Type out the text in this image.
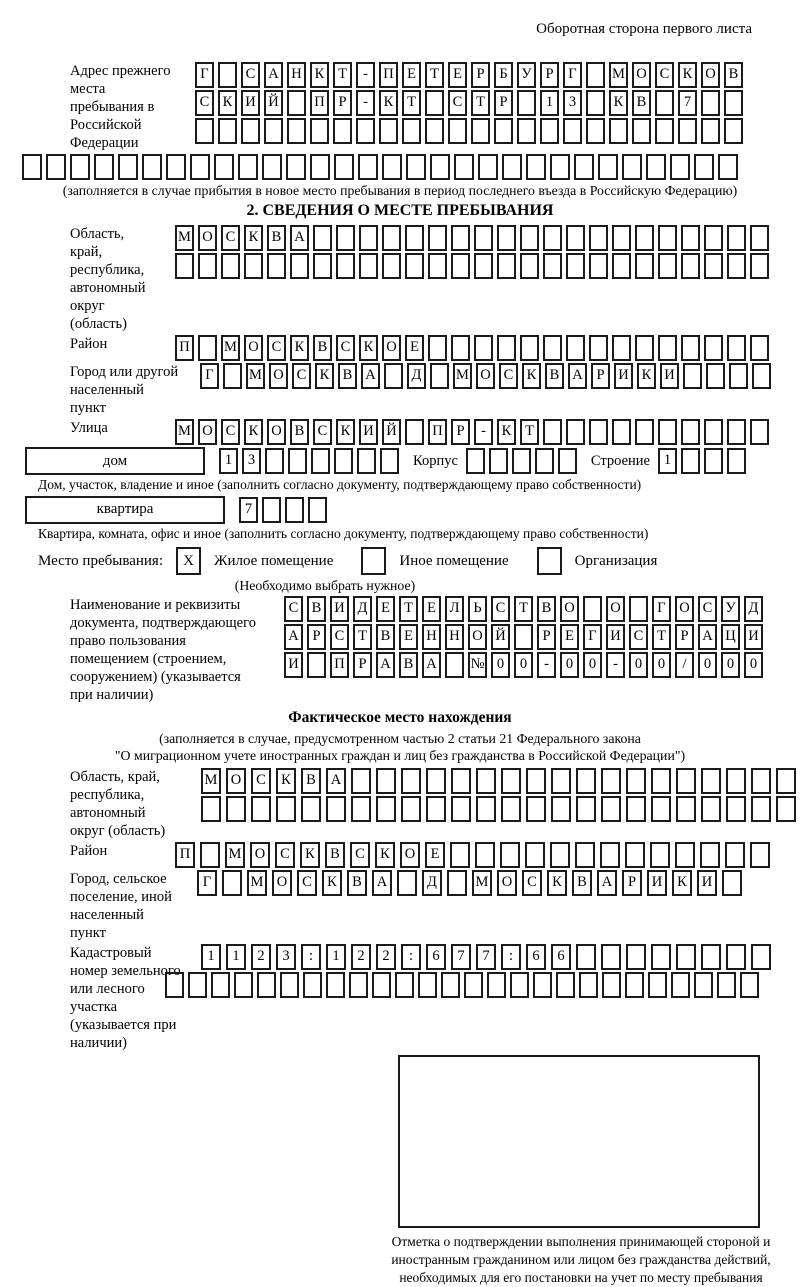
Оборотная сторона первого листа
Адрес прежнего места пребывания в Российской Федерации
Г	С А Н К Т	-	П Е Т Е	Р	Б У Р	Г	М О С К О В
С К И Й П Р	-	К Т	С Т	Р	1	3	К В	7
(заполняется в случае прибытия в новое место пребывания в период последнего въезда в Российскую Федерацию)
2. СВЕДЕНИЯ О МЕСТЕ ПРЕБЫВАНИЯ
Область, край, республика, автономный округ (область)
М О С К В А
Район	П М О С К В С К О Е
Город или другой населенный пункт
Г	М О С К В А	Д	М О С К В А Р И К И
Улица	М О С К О В С К И Й П Р	-	К Т
дом	1	3	Корпус	Строение 1
Дом, участок, владение и иное (заполнить согласно документу, подтверждающему право собственности)
квартира	7
Квартира, комната, офис и иное (заполнить согласно документу, подтверждающему право собственности)
Место пребывания:	X	Жилое помещение	Иное помещение	Организация
(Необходимо выбрать нужное)
Наименование и реквизиты документа, подтверждающего право пользования помещением (строением, сооружением) (указывается при наличии)
С В И Д Е Т Е Л Ь С Т В О О	Г О С У Д
А Р С Т В Е Н Н О Й	Р	Е Г И С Т	Р А Ц И
И П Р А В А № 0	0	-	0	0	-	0	0	/	0	0	0
Фактическое место нахождения
(заполняется в случае, предусмотренном частью 2 статьи 21 Федерального закона
"О миграционном учете иностранных граждан и лиц без гражданства в Российской Федерации")
Область, край, республика, автономный округ (область)
М О	С	К	В	А
Район	П	М О	С	К	В	С	К	О	Е
Город, сельское поселение, иной населенный пункт
Г	М О	С	К	В	А	Д	М О	С	К	В	А	Р	И	К	И
Кадастровый номер земельного или лесного участка (указывается при наличии)
1	1	2	3	:	1	2	2	:	6	7	7	:	6	6
Отметка о подтверждении выполнения принимающей стороной и иностранным гражданином или лицом без гражданства действий, необходимых для его постановки на учет по месту пребывания
